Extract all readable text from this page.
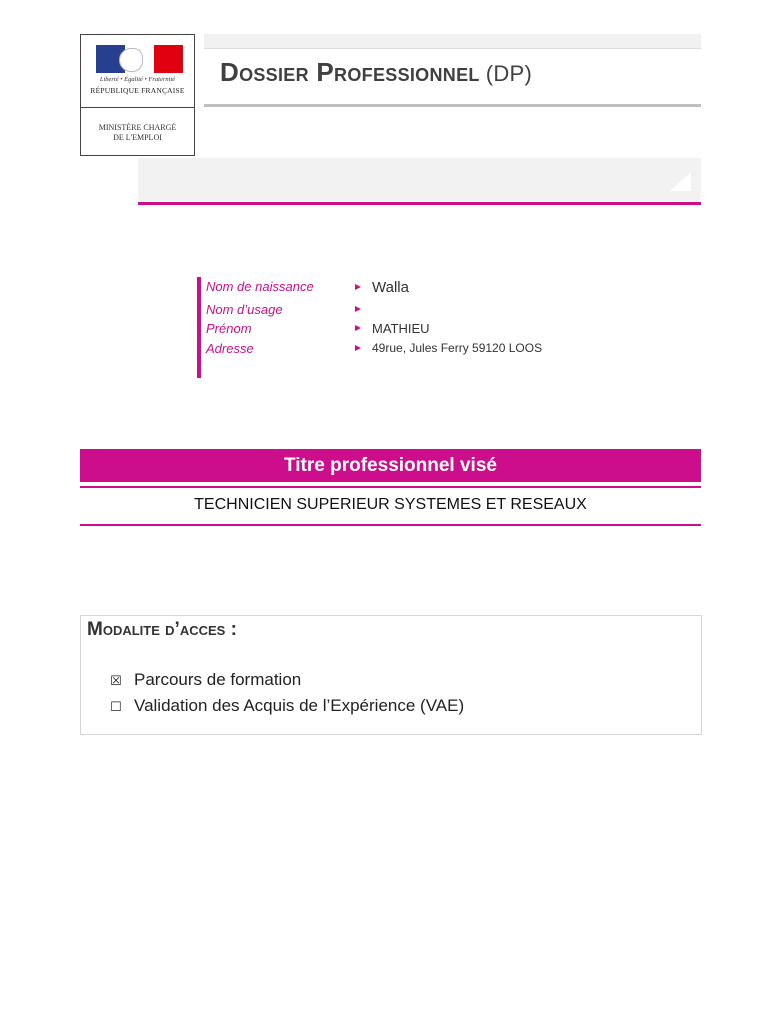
Liberté • Égalité • Fraternité
RÉPUBLIQUE FRANÇAISE
MINISTÈRE CHARGÉ
DE L'EMPLOI
Dossier Professionnel (DP)
Nom de naissance	Walla
Nom d’usage
Prénom	MATHIEU
Adresse	49rue, Jules Ferry 59120 LOOS
Titre professionnel visé
TECHNICIEN SUPERIEUR SYSTEMES ET RESEAUX
Modalite d’acces :
☒ Parcours de formation
☐ Validation des Acquis de l’Expérience (VAE)
